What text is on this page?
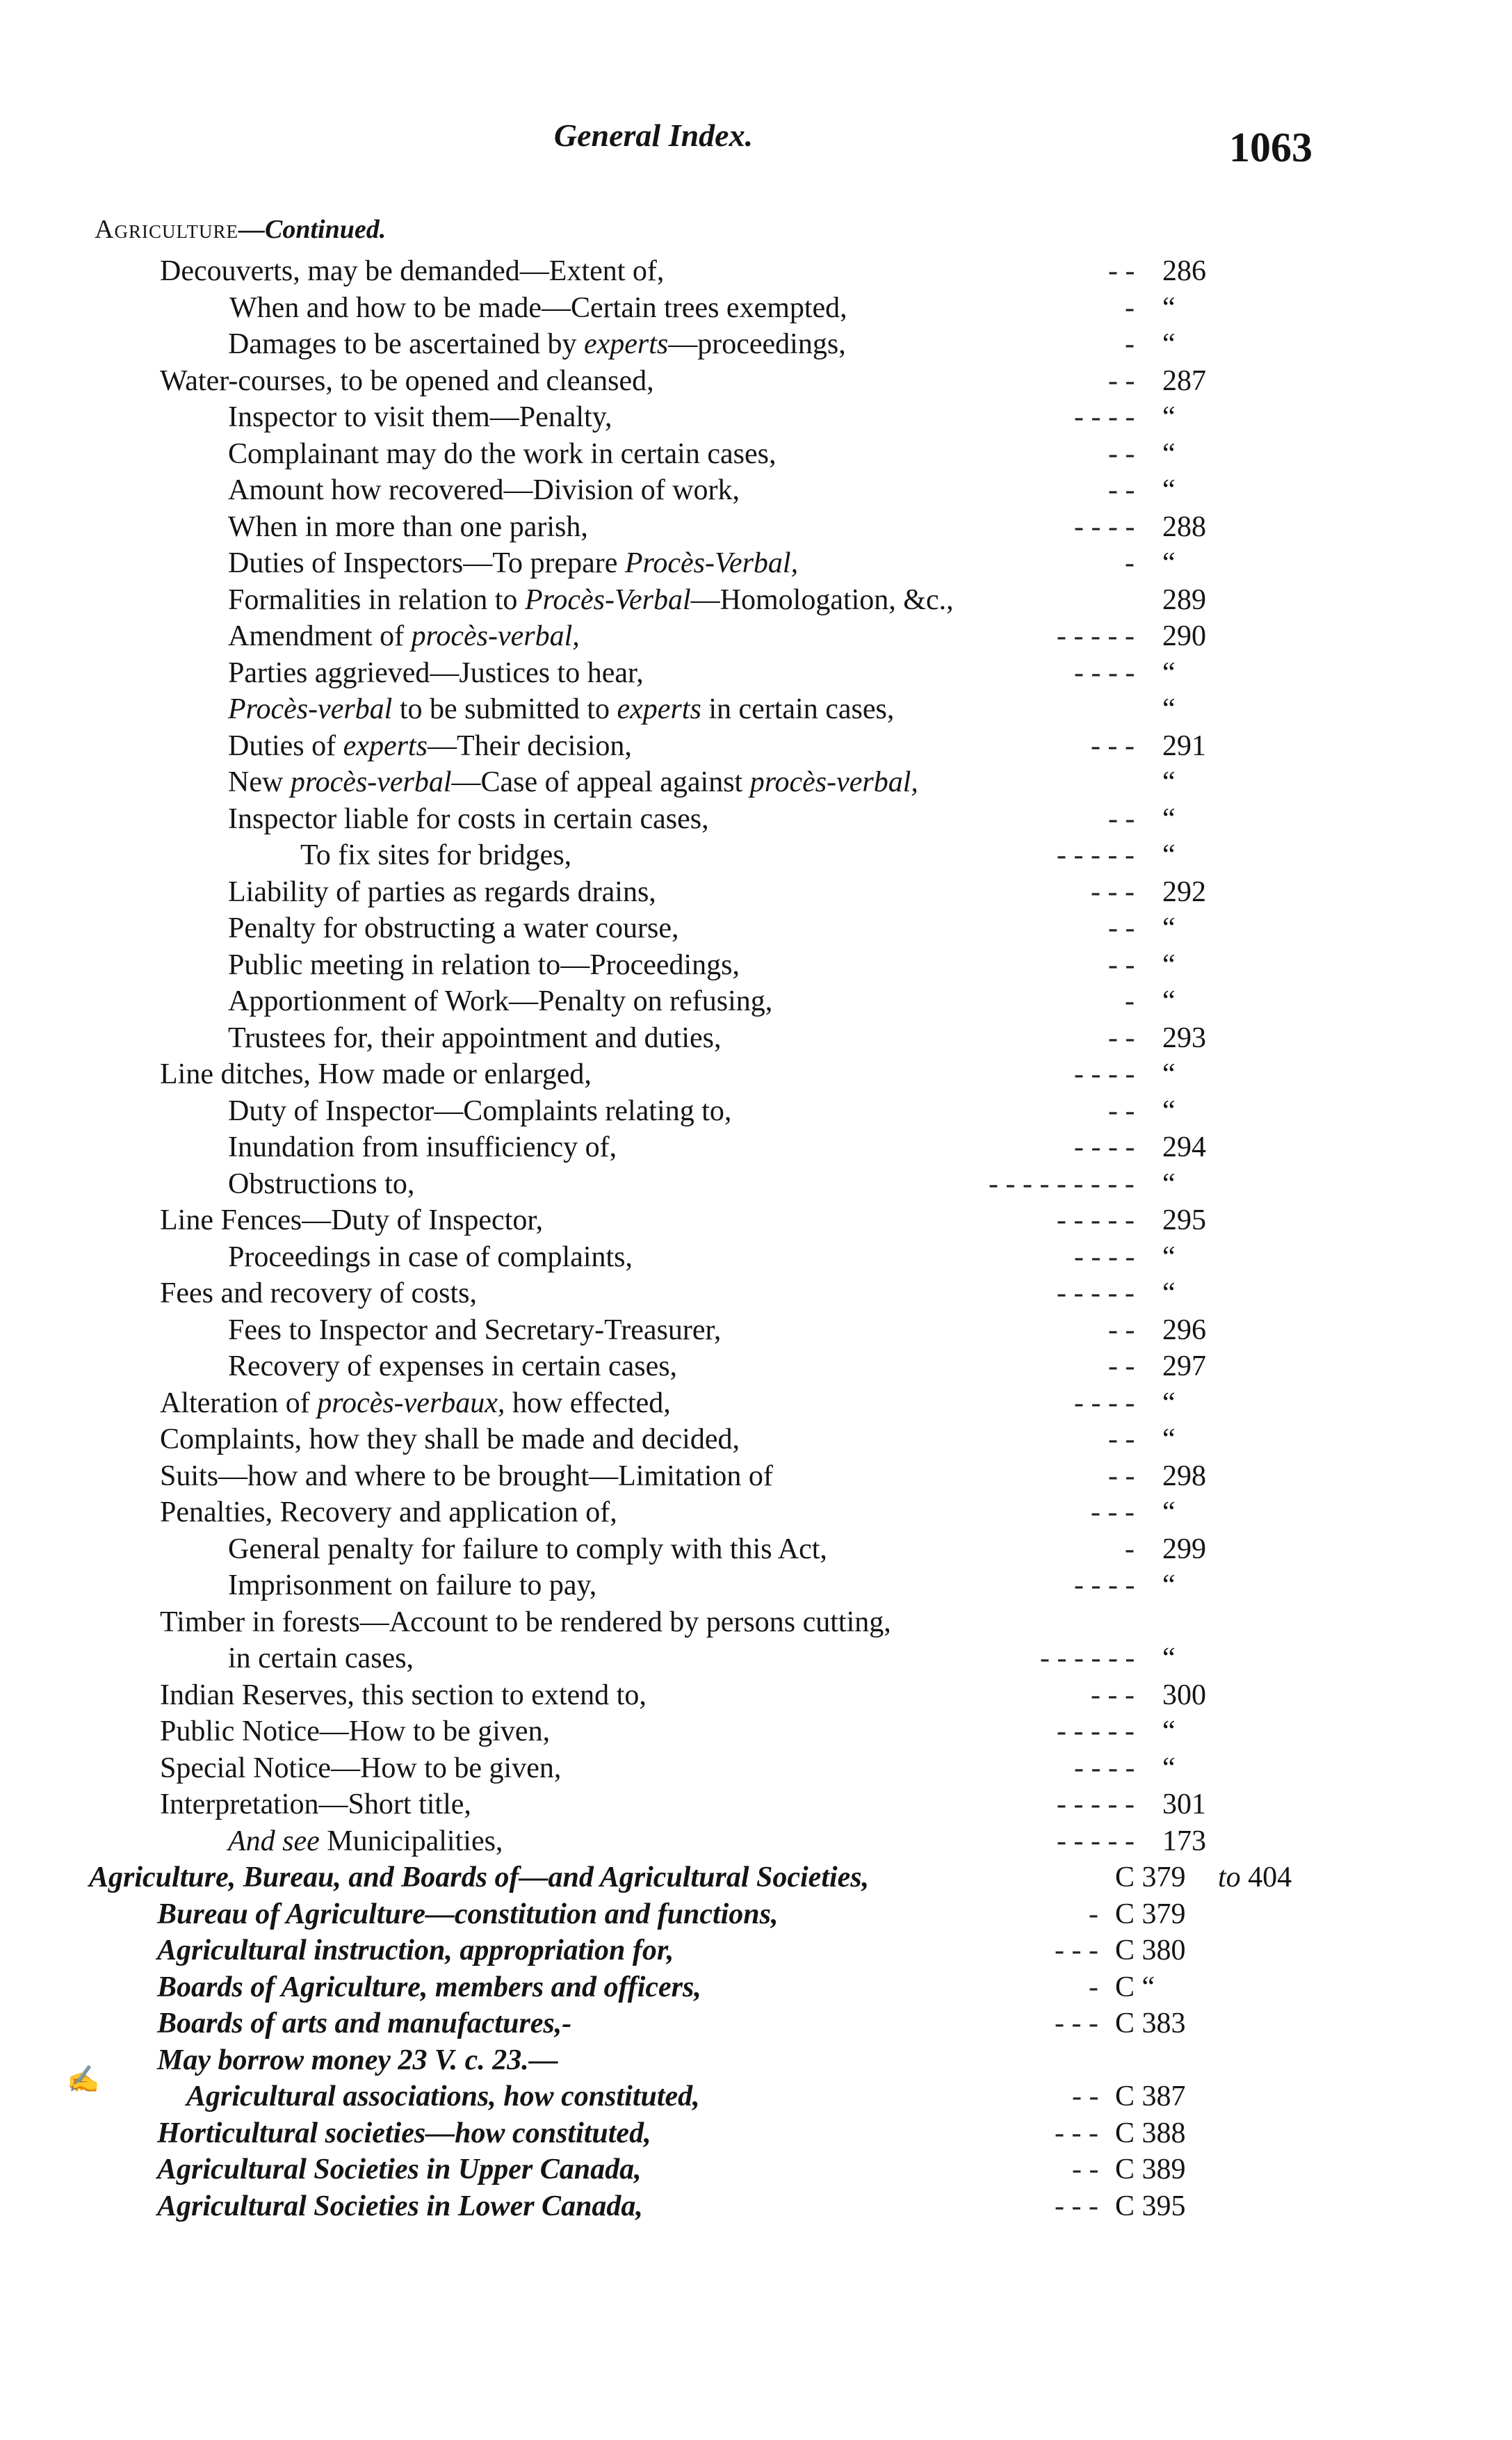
General Index.	1063
Agriculture—Continued.
Decouverts, may be demanded—Extent of,	- - 286
When and how to be made—Certain trees exempted,	- “
Damages to be ascertained by experts—proceedings,	- “
Water-courses, to be opened and cleansed,	- - 287
Inspector to visit them—Penalty,	- - - - “
Complainant may do the work in certain cases,	- - “
Amount how recovered—Division of work,	- - “
When in more than one parish,	- - - - 288
Duties of Inspectors—To prepare Procès-Verbal,	- “
Formalities in relation to Procès-Verbal—Homologation, &c.,	289
Amendment of procès-verbal,	- - - - - 290
Parties aggrieved—Justices to hear,	- - - - “
Procès-verbal to be submitted to experts in certain cases,	“
Duties of experts—Their decision,	- - - 291
New procès-verbal—Case of appeal against procès-verbal,	“
Inspector liable for costs in certain cases,	- - “
To fix sites for bridges,	- - - - - “
Liability of parties as regards drains,	- - - 292
Penalty for obstructing a water course,	- - “
Public meeting in relation to—Proceedings,	- - “
Apportionment of Work—Penalty on refusing,	- “
Trustees for, their appointment and duties,	- - 293
Line ditches, How made or enlarged,	- - - - “
Duty of Inspector—Complaints relating to,	- - “
Inundation from insufficiency of,	- - - - 294
Obstructions to,	- - - - - - - - - “
Line Fences—Duty of Inspector,	- - - - - 295
Proceedings in case of complaints,	- - - - “
Fees and recovery of costs,	- - - - - “
Fees to Inspector and Secretary-Treasurer,	- - 296
Recovery of expenses in certain cases,	- - 297
Alteration of procès-verbaux, how effected,	- - - - “
Complaints, how they shall be made and decided,	- - “
Suits—how and where to be brought—Limitation of	- - 298
Penalties, Recovery and application of,	- - - “
General penalty for failure to comply with this Act,	- 299
Imprisonment on failure to pay,	- - - - “
Timber in forests—Account to be rendered by persons cutting,
in certain cases,	- - - - - - “
Indian Reserves, this section to extend to,	- - - 300
Public Notice—How to be given,	- - - - - “
Special Notice—How to be given,	- - - - “
Interpretation—Short title,	- - - - - 301
And see Municipalities,	- - - - - 173
Agriculture, Bureau, and Boards of—and Agricultural Societies,	C 379 to 404
Bureau of Agriculture—constitution and functions,	- C 379
Agricultural instruction, appropriation for,	- - - C 380
Boards of Agriculture, members and officers,	- C “
Boards of arts and manufactures,-	- - - C 383
May borrow money 23 V. c. 23.—
Agricultural associations, how constituted,	- - C 387
Horticultural societies—how constituted,	- - - C 388
Agricultural Societies in Upper Canada,	- - C 389
Agricultural Societies in Lower Canada,	- - - C 395
✍
